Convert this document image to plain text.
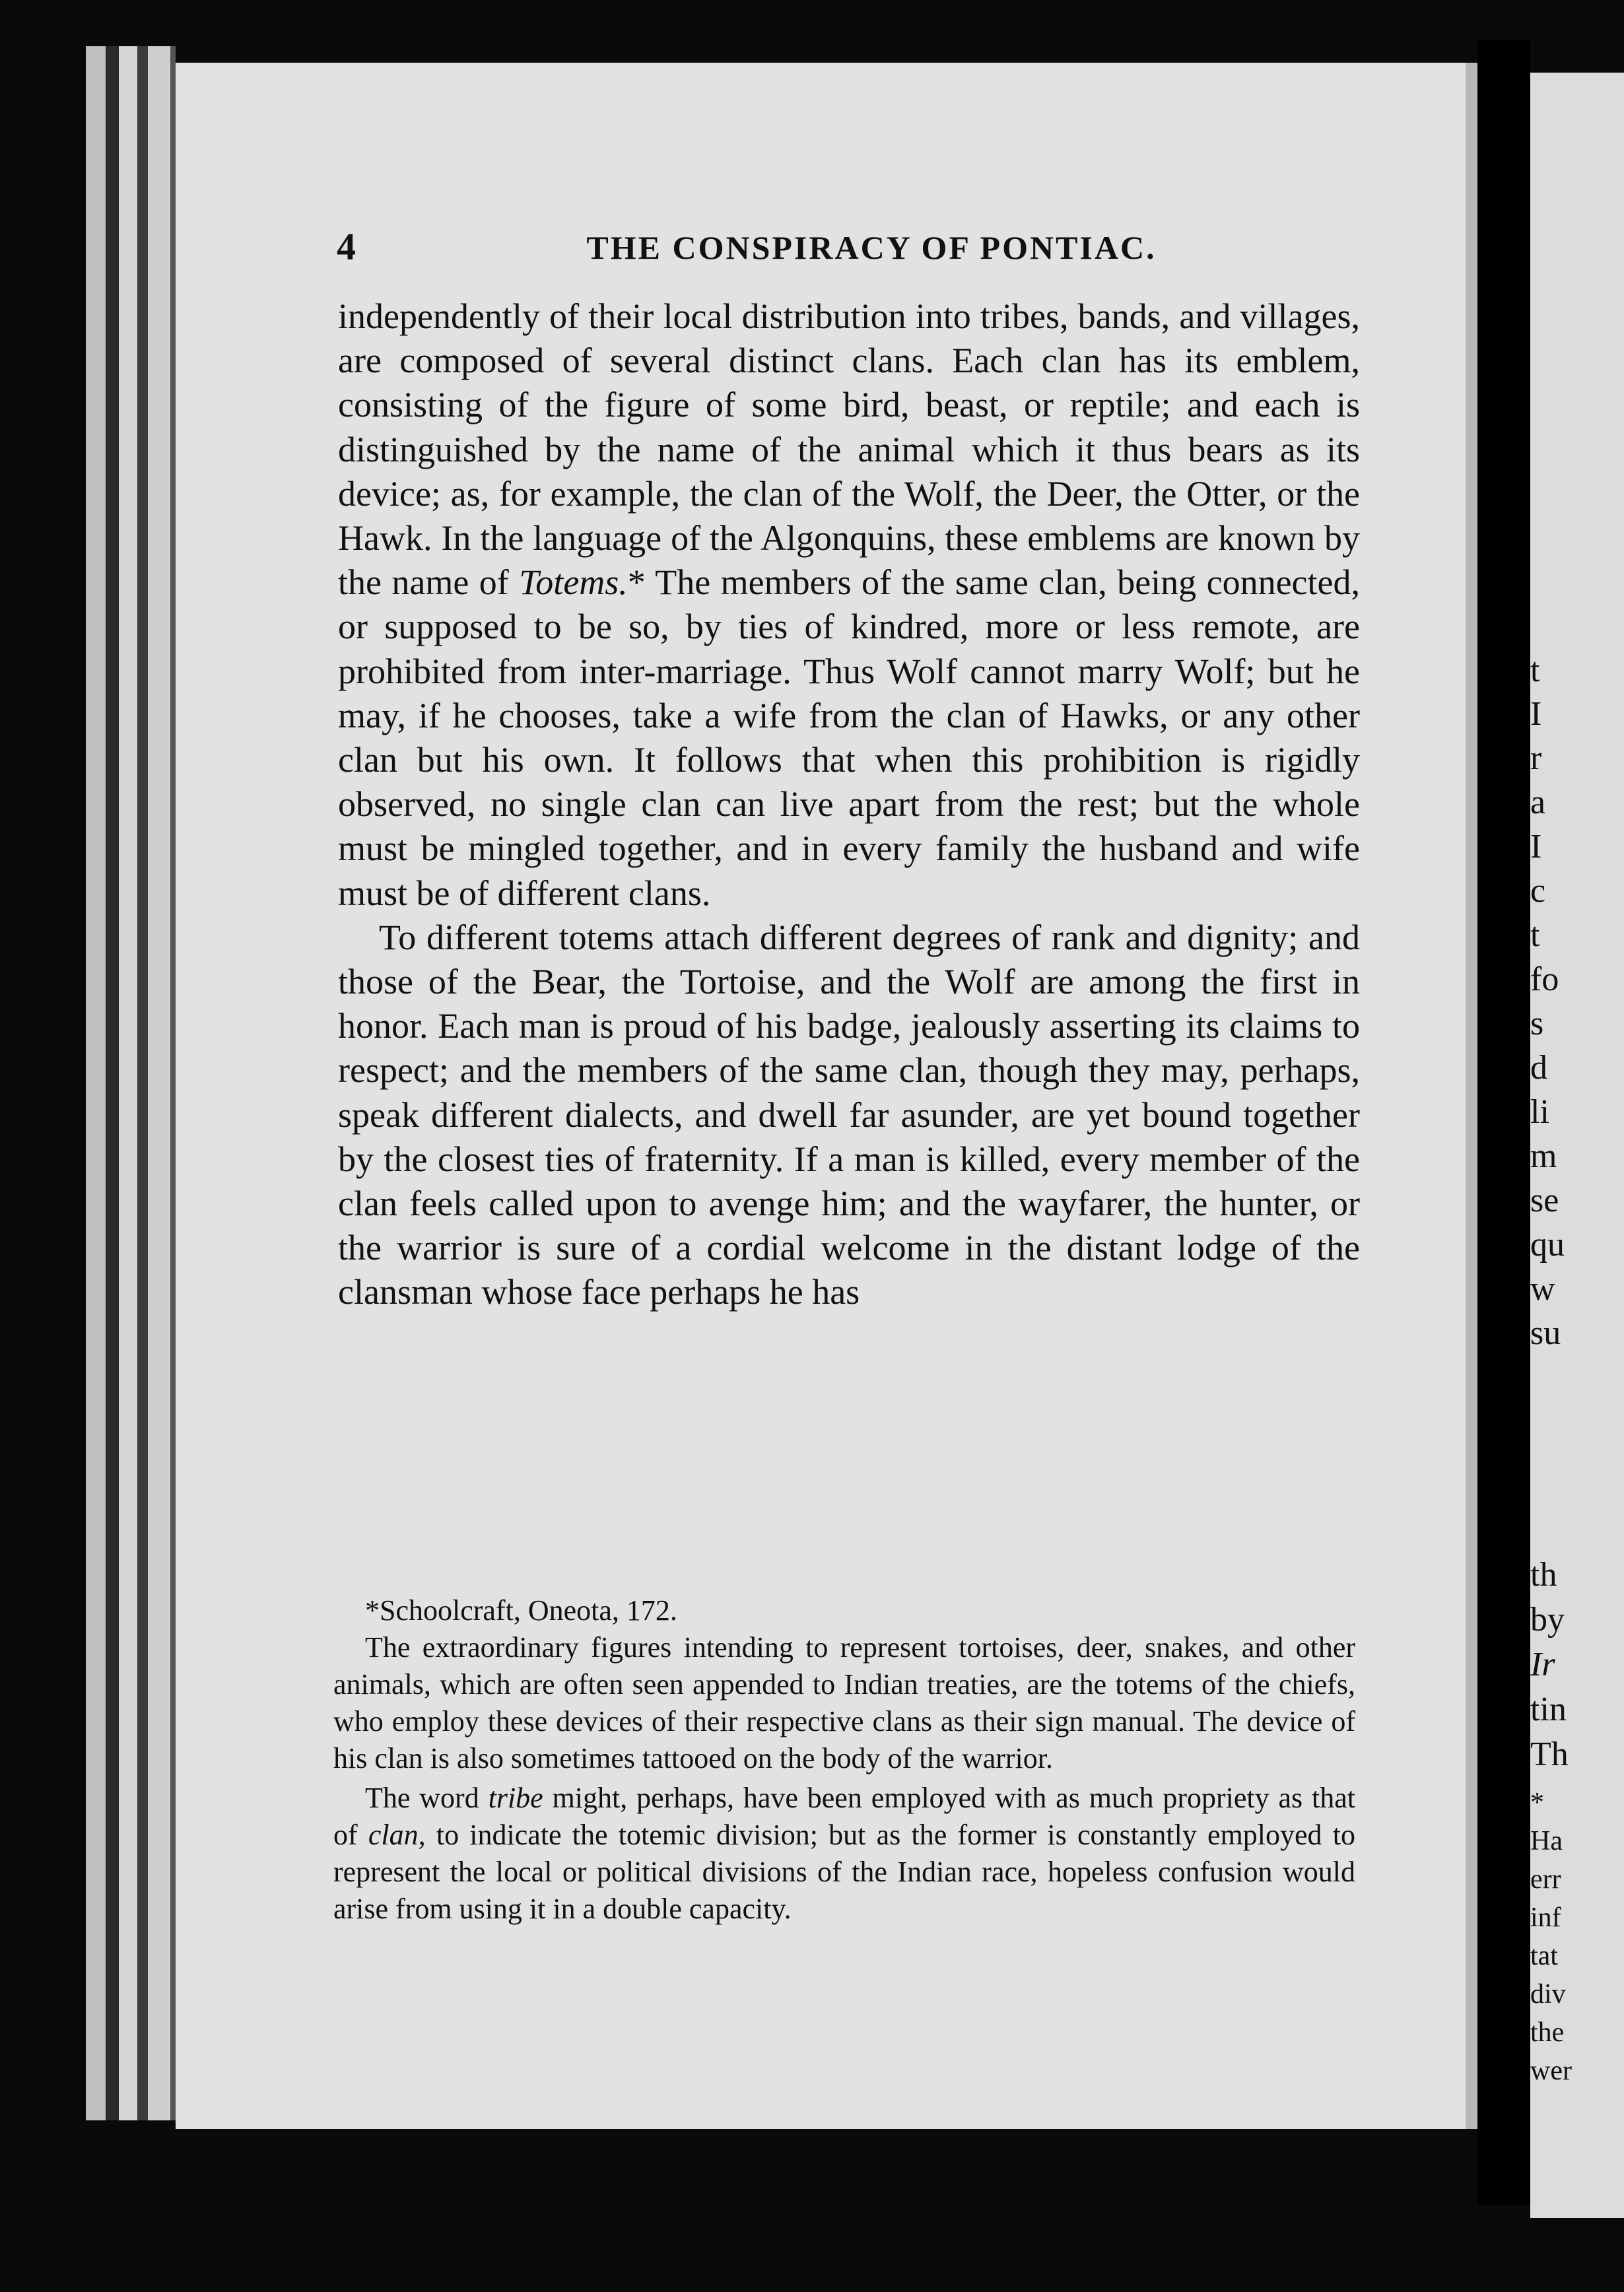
t
I
r
a
I
c
t
fo
s
d
li
m
se
qu
w
su
th
by
Ir
tin
Th
*
Ha
err
inf
tat
div
the
wer
4	THE CONSPIRACY OF PONTIAC.

independently of their local distribution into tribes, bands, and villages, are composed of several distinct clans. Each clan has its emblem, consisting of the figure of some bird, beast, or reptile; and each is distinguished by the name of the animal which it thus bears as its device; as, for example, the clan of the Wolf, the Deer, the Otter, or the Hawk. In the language of the Algonquins, these emblems are known by the name of Totems.* The members of the same clan, being connected, or supposed to be so, by ties of kindred, more or less remote, are prohibited from inter-marriage. Thus Wolf cannot marry Wolf; but he may, if he chooses, take a wife from the clan of Hawks, or any other clan but his own. It follows that when this prohibition is rigidly observed, no single clan can live apart from the rest; but the whole must be mingled together, and in every family the husband and wife must be of different clans.

To different totems attach different degrees of rank and dignity; and those of the Bear, the Tortoise, and the Wolf are among the first in honor. Each man is proud of his badge, jealously asserting its claims to respect; and the members of the same clan, though they may, perhaps, speak different dialects, and dwell far asunder, are yet bound together by the closest ties of fraternity. If a man is killed, every member of the clan feels called upon to avenge him; and the wayfarer, the hunter, or the warrior is sure of a cordial welcome in the distant lodge of the clansman whose face perhaps he has

*Schoolcraft, Oneota, 172.

The extraordinary figures intending to represent tortoises, deer, snakes, and other animals, which are often seen appended to Indian treaties, are the totems of the chiefs, who employ these devices of their respective clans as their sign manual. The device of his clan is also sometimes tattooed on the body of the warrior.

The word tribe might, perhaps, have been employed with as much propriety as that of clan, to indicate the totemic division; but as the former is constantly employed to represent the local or political divisions of the Indian race, hopeless confusion would arise from using it in a double capacity.
